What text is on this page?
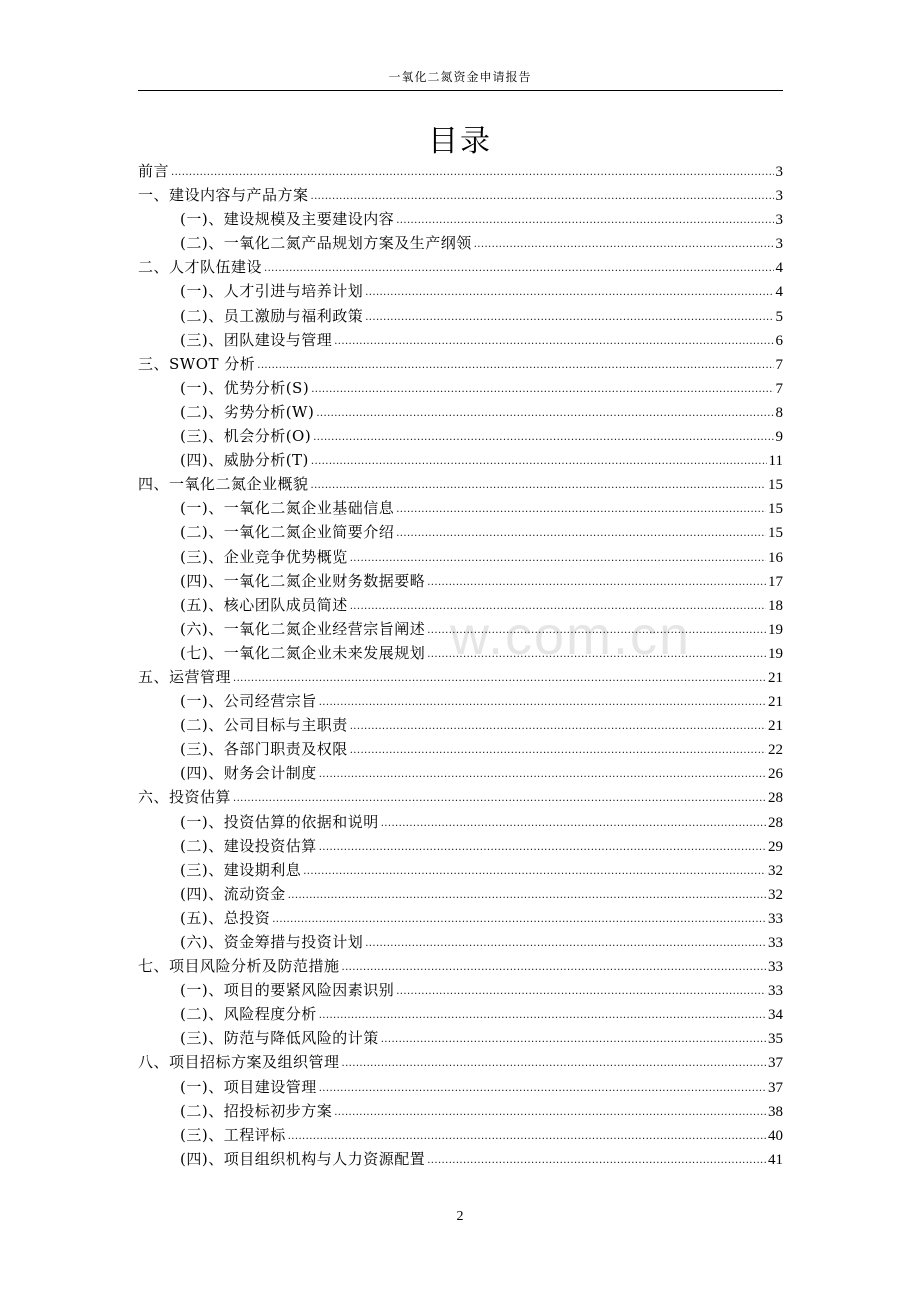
一氧化二氮资金申请报告
目录
w.com.cn
前言 .....	3
一、建设内容与产品方案 .....	3
(一)、建设规模及主要建设内容 .....	3
(二)、一氧化二氮产品规划方案及生产纲领 .....	3
二、人才队伍建设 .....	4
(一)、人才引进与培养计划 .....	4
(二)、员工激励与福利政策 .....	5
(三)、团队建设与管理 .....	6
三、SWOT 分析 .....	7
(一)、优势分析(S) .....	7
(二)、劣势分析(W) .....	8
(三)、机会分析(O) .....	9
(四)、威胁分析(T) .....	11
四、一氧化二氮企业概貌 .....	15
(一)、一氧化二氮企业基础信息 .....	15
(二)、一氧化二氮企业简要介绍 .....	15
(三)、企业竞争优势概览 .....	16
(四)、一氧化二氮企业财务数据要略 .....	17
(五)、核心团队成员简述 .....	18
(六)、一氧化二氮企业经营宗旨阐述 .....	19
(七)、一氧化二氮企业未来发展规划 .....	19
五、运营管理 .....	21
(一)、公司经营宗旨 .....	21
(二)、公司目标与主职责 .....	21
(三)、各部门职责及权限 .....	22
(四)、财务会计制度 .....	26
六、投资估算 .....	28
(一)、投资估算的依据和说明 .....	28
(二)、建设投资估算 .....	29
(三)、建设期利息 .....	32
(四)、流动资金 .....	32
(五)、总投资 .....	33
(六)、资金筹措与投资计划 .....	33
七、项目风险分析及防范措施 .....	33
(一)、项目的要紧风险因素识别 .....	33
(二)、风险程度分析 .....	34
(三)、防范与降低风险的计策 .....	35
八、项目招标方案及组织管理 .....	37
(一)、项目建设管理 .....	37
(二)、招投标初步方案 .....	38
(三)、工程评标 .....	40
(四)、项目组织机构与人力资源配置 .....	41
2
